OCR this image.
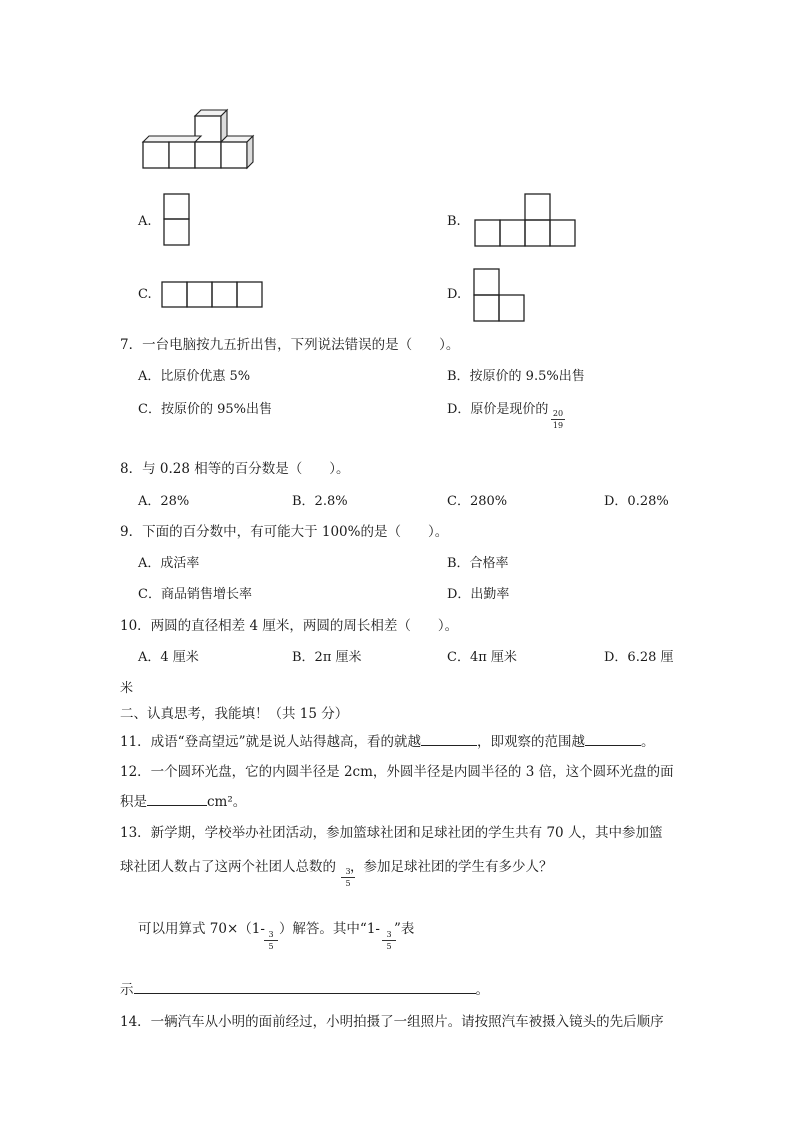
A.	B.
C.	D.
7．一台电脑按九五折出售，下列说法错误的是（　　）。
A．比原价优惠 5%	B．按原价的 9.5%出售
C．按原价的 95%出售	D．原价是现价的 20
19
8．与 0.28 相等的百分数是（　　）。
A．28%	B．2.8%	C．280%	D．0.28%
9．下面的百分数中，有可能大于 100%的是（　　）。
A．成活率	B．合格率
C．商品销售增长率	D．出勤率
10．两圆的直径相差 4 厘米，两圆的周长相差（　　）。
A．4 厘米	B．2π 厘米	C．4π 厘米	D．6.28 厘
米
二、认真思考，我能填！（共 15 分）
11．成语“登高望远”就是说人站得越高，看的就越	，即观察的范围越	。
12．一个圆环光盘，它的内圆半径是 2cm，外圆半径是内圆半径的 3 倍，这个圆环光盘的面
积是	cm²。
13．新学期，学校举办社团活动，参加篮球社团和足球社团的学生共有 70 人，其中参加篮
球社团人数占了这两个社团人总数的 ，参加足球社团的学生有多少人？
3
5
可以用算式 70×（1- ）解答。其中“1- ”表
3
5
3
5
示	。
14．一辆汽车从小明的面前经过，小明拍摄了一组照片。请按照汽车被摄入镜头的先后顺序
